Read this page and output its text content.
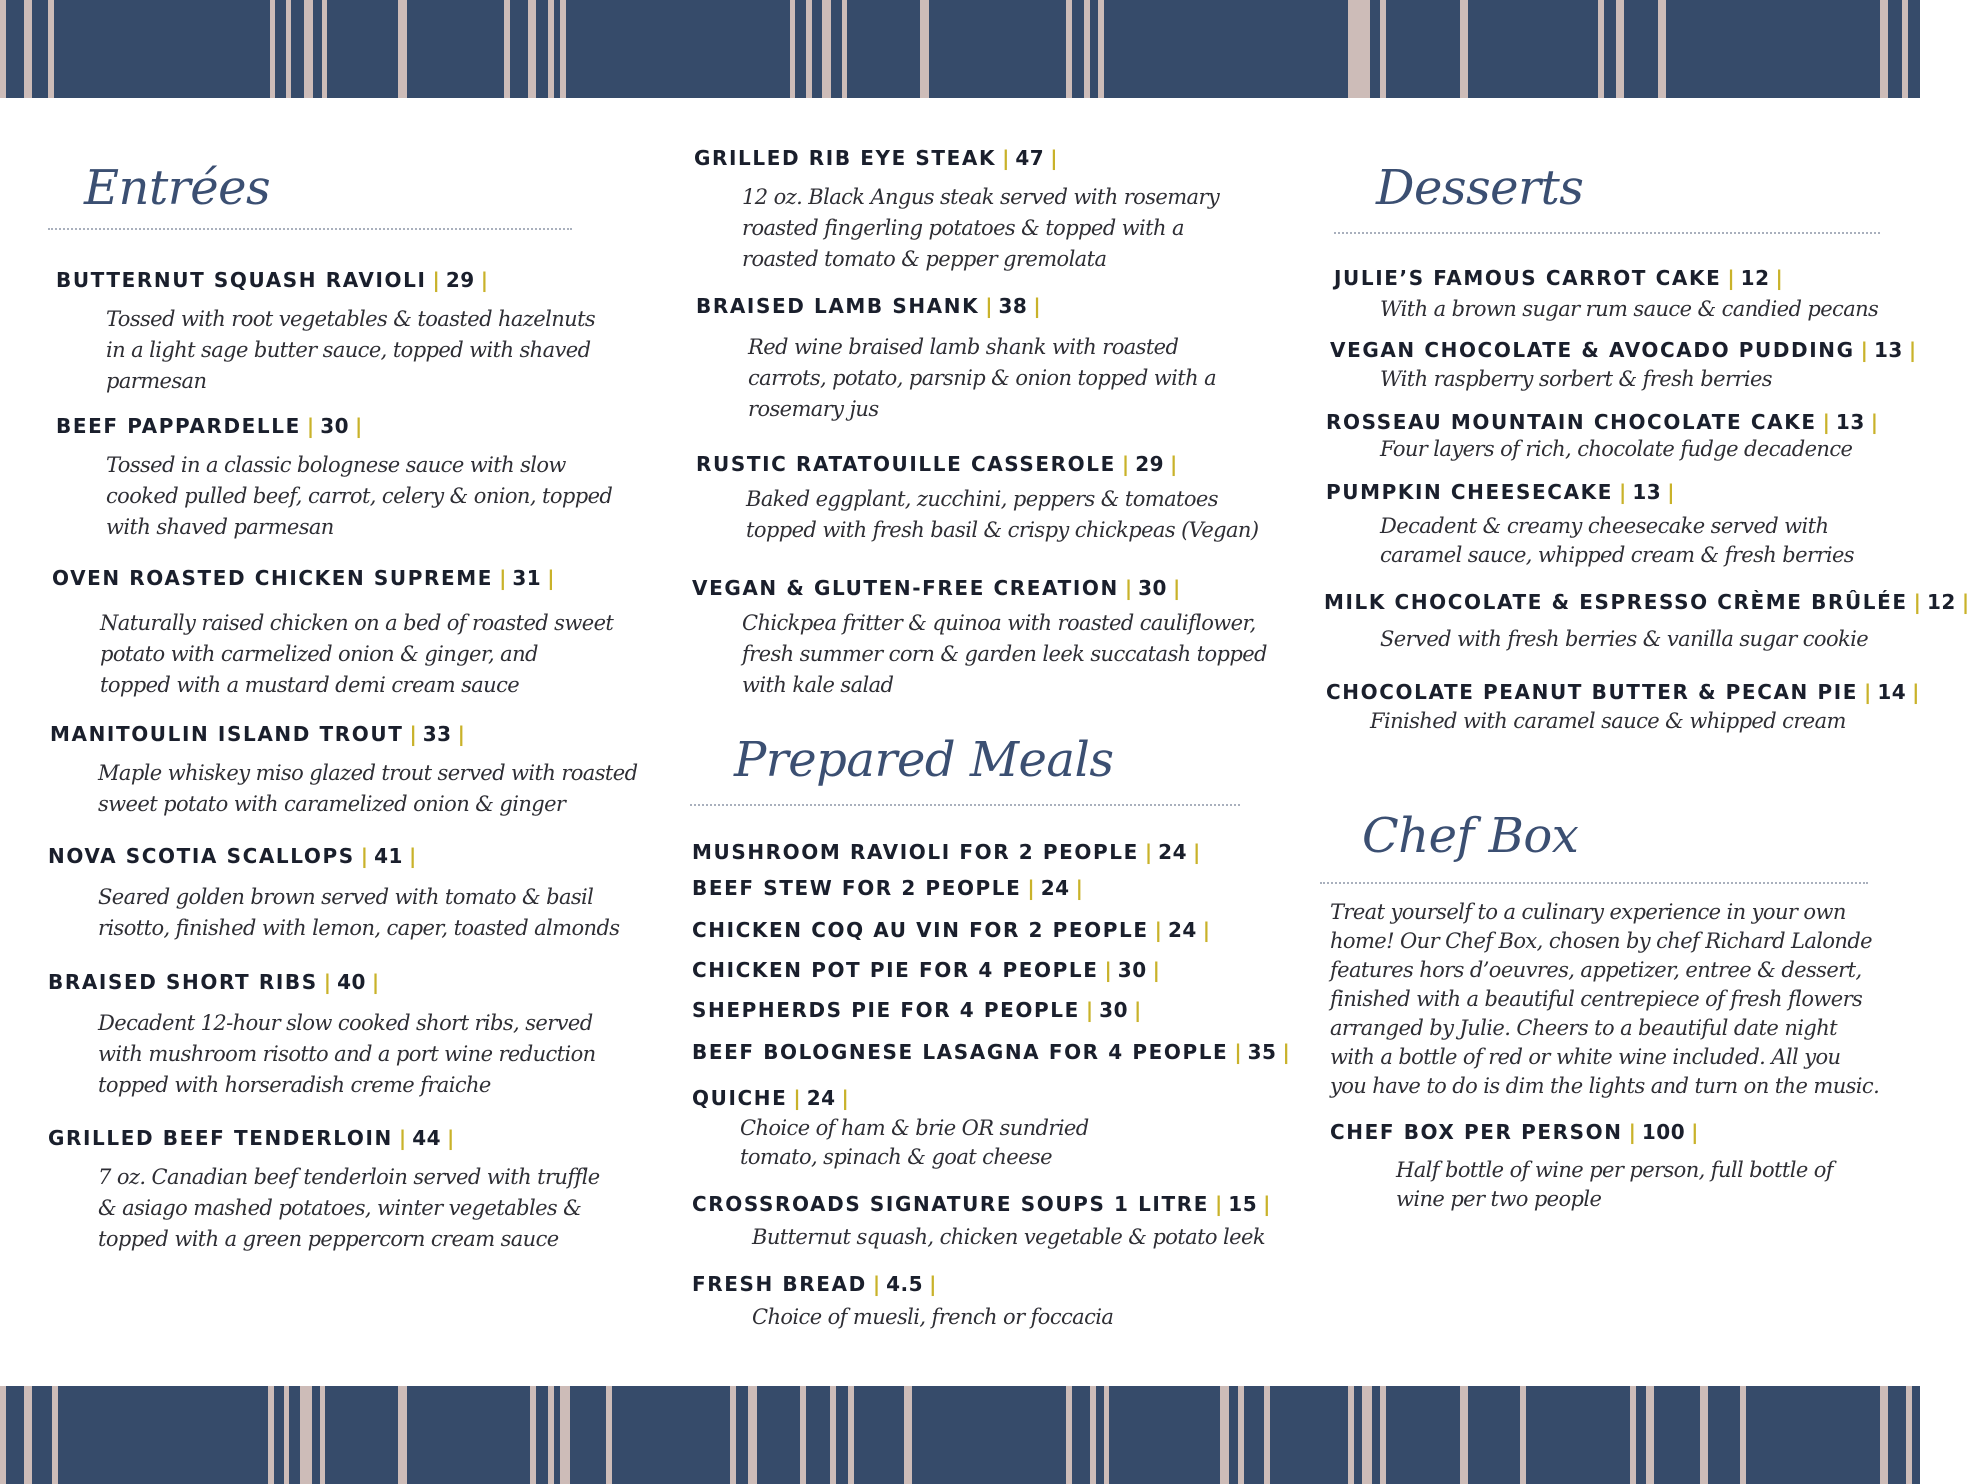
Entrées
BUTTERNUT SQUASH RAVIOLI | 29 |
Tossed with root vegetables & toasted hazelnuts
in a light sage butter sauce, topped with shaved
parmesan
BEEF PAPPARDELLE | 30 |
Tossed in a classic bolognese sauce with slow
cooked pulled beef, carrot, celery & onion, topped
with shaved parmesan
OVEN ROASTED CHICKEN SUPREME | 31 |
Naturally raised chicken on a bed of roasted sweet
potato with carmelized onion & ginger, and
topped with a mustard demi cream sauce
MANITOULIN ISLAND TROUT | 33 |
Maple whiskey miso glazed trout served with roasted
sweet potato with caramelized onion & ginger
NOVA SCOTIA SCALLOPS | 41 |
Seared golden brown served with tomato & basil
risotto, finished with lemon, caper, toasted almonds
BRAISED SHORT RIBS | 40 |
Decadent 12-hour slow cooked short ribs, served
with mushroom risotto and a port wine reduction
topped with horseradish creme fraiche
GRILLED BEEF TENDERLOIN | 44 |
7 oz. Canadian beef tenderloin served with truffle
& asiago mashed potatoes, winter vegetables &
topped with a green peppercorn cream sauce
GRILLED RIB EYE STEAK | 47 |
12 oz. Black Angus steak served with rosemary
roasted fingerling potatoes & topped with a
roasted tomato & pepper gremolata
BRAISED LAMB SHANK | 38 |
Red wine braised lamb shank with roasted
carrots, potato, parsnip & onion topped with a
rosemary jus
RUSTIC RATATOUILLE CASSEROLE | 29 |
Baked eggplant, zucchini, peppers & tomatoes
topped with fresh basil & crispy chickpeas (Vegan)
VEGAN & GLUTEN-FREE CREATION | 30 |
Chickpea fritter & quinoa with roasted cauliflower,
fresh summer corn & garden leek succatash topped
with kale salad
Prepared Meals
MUSHROOM RAVIOLI FOR 2 PEOPLE | 24 |
BEEF STEW FOR 2 PEOPLE | 24 |
CHICKEN COQ AU VIN FOR 2 PEOPLE | 24 |
CHICKEN POT PIE FOR 4 PEOPLE | 30 |
SHEPHERDS PIE FOR 4 PEOPLE | 30 |
BEEF BOLOGNESE LASAGNA FOR 4 PEOPLE | 35 |
QUICHE | 24 |
Choice of ham & brie OR sundried
tomato, spinach & goat cheese
CROSSROADS SIGNATURE SOUPS 1 LITRE | 15 |
Butternut squash, chicken vegetable & potato leek
FRESH BREAD | 4.5 |
Choice of muesli, french or foccacia
Desserts
JULIE’S FAMOUS CARROT CAKE | 12 |
With a brown sugar rum sauce & candied pecans
VEGAN CHOCOLATE & AVOCADO PUDDING | 13 |
With raspberry sorbert & fresh berries
ROSSEAU MOUNTAIN CHOCOLATE CAKE | 13 |
Four layers of rich, chocolate fudge decadence
PUMPKIN CHEESECAKE | 13 |
Decadent & creamy cheesecake served with
caramel sauce, whipped cream & fresh berries
MILK CHOCOLATE & ESPRESSO CRÈME BRÛLÉE | 12 |
Served with fresh berries & vanilla sugar cookie
CHOCOLATE PEANUT BUTTER & PECAN PIE | 14 |
Finished with caramel sauce & whipped cream
Chef Box
Treat yourself to a culinary experience in your own
home! Our Chef Box, chosen by chef Richard Lalonde
features hors d’oeuvres, appetizer, entree & dessert,
finished with a beautiful centrepiece of fresh flowers
arranged by Julie. Cheers to a beautiful date night
with a bottle of red or white wine included. All you
you have to do is dim the lights and turn on the music.
CHEF BOX PER PERSON | 100 |
Half bottle of wine per person, full bottle of
wine per two people
